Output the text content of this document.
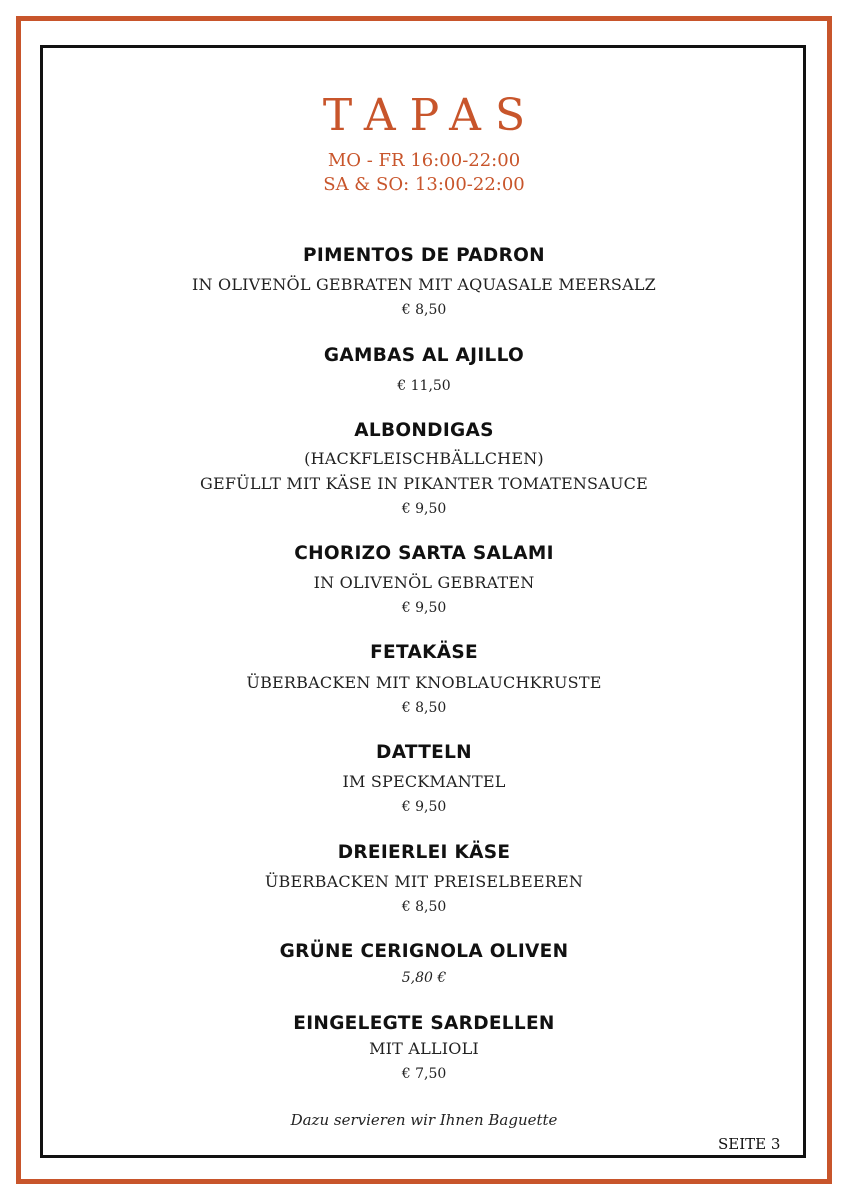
TAPAS
MO - FR 16:00-22:00
SA & SO: 13:00-22:00
PIMENTOS DE PADRON
IN OLIVENÖL GEBRATEN MIT AQUASALE MEERSALZ
€ 8,50
GAMBAS AL AJILLO
€ 11,50
ALBONDIGAS
(HACKFLEISCHBÄLLCHEN)
GEFÜLLT MIT KÄSE IN PIKANTER TOMATENSAUCE
€ 9,50
CHORIZO SARTA SALAMI
IN OLIVENÖL GEBRATEN
€ 9,50
FETAKÄSE
ÜBERBACKEN MIT KNOBLAUCHKRUSTE
€ 8,50
DATTELN
IM SPECKMANTEL
€ 9,50
DREIERLEI KÄSE
ÜBERBACKEN MIT PREISELBEEREN
€ 8,50
GRÜNE CERIGNOLA OLIVEN
5,80 €
EINGELEGTE SARDELLEN
MIT ALLIOLI
€ 7,50
Dazu servieren wir Ihnen Baguette
SEITE 3
